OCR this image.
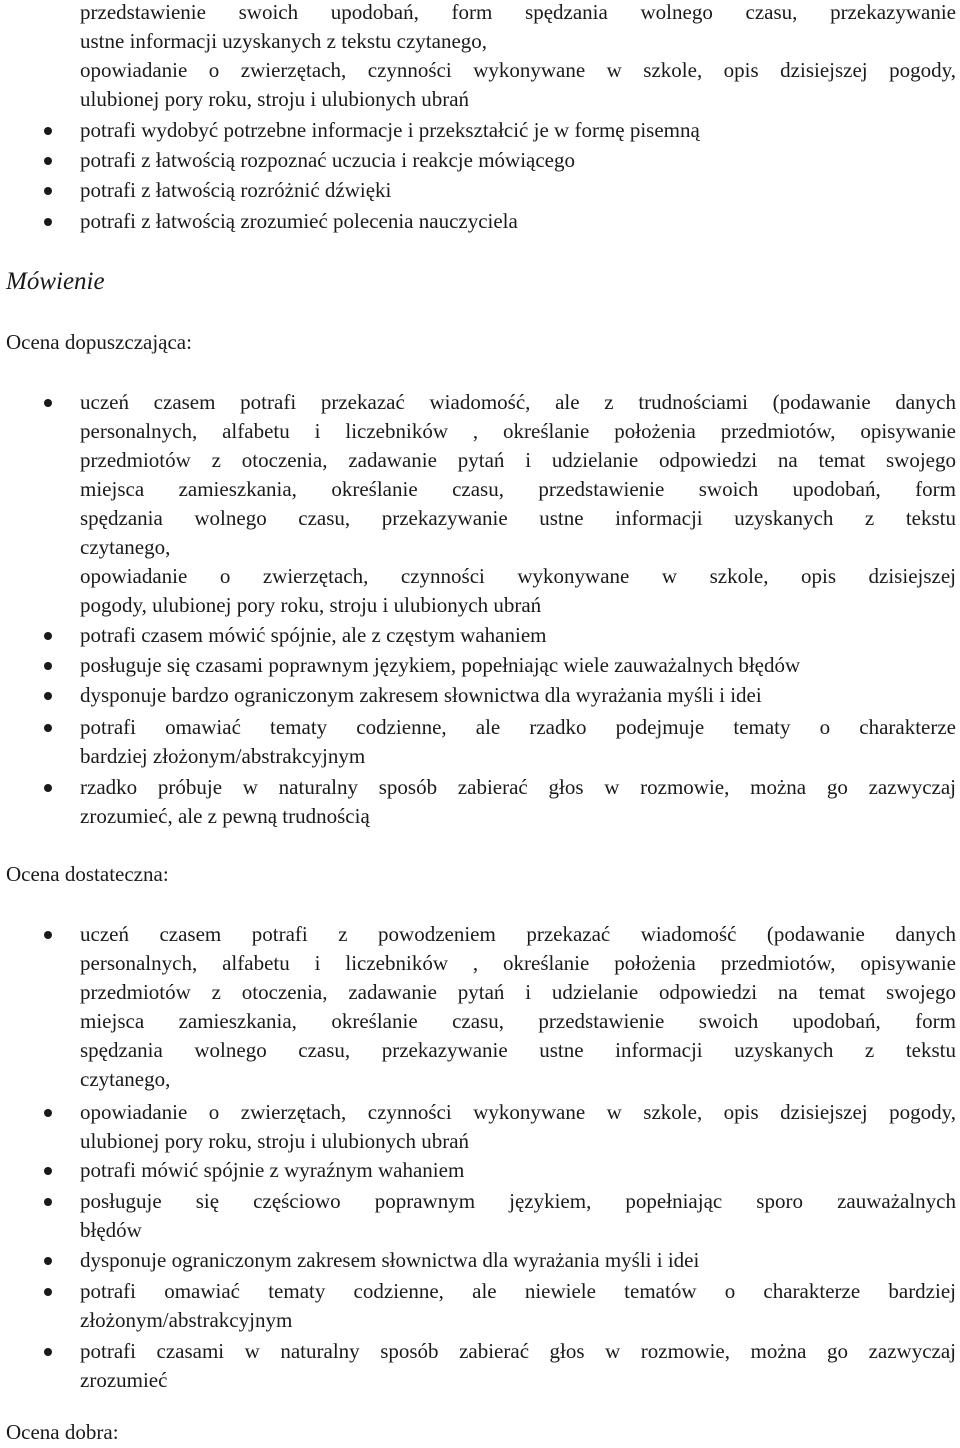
przedstawienie swoich upodobań, form spędzania wolnego czasu, przekazywanie
ustne informacji uzyskanych z tekstu czytanego,
opowiadanie o zwierzętach, czynności wykonywane w szkole, opis dzisiejszej pogody,
ulubionej pory roku, stroju i ulubionych ubrań
potrafi wydobyć potrzebne informacje i przekształcić je w formę pisemną
potrafi z łatwością rozpoznać uczucia i reakcje mówiącego
potrafi z łatwością rozróżnić dźwięki
potrafi z łatwością zrozumieć polecenia nauczyciela
Mówienie
Ocena dopuszczająca:
uczeń czasem potrafi przekazać wiadomość, ale z trudnościami (podawanie danych
personalnych, alfabetu i liczebników , określanie położenia przedmiotów, opisywanie
przedmiotów z otoczenia, zadawanie pytań i udzielanie odpowiedzi na temat swojego
miejsca zamieszkania, określanie czasu, przedstawienie swoich upodobań, form
spędzania wolnego czasu, przekazywanie ustne informacji uzyskanych z tekstu
czytanego,
opowiadanie o zwierzętach, czynności wykonywane w szkole, opis dzisiejszej
pogody, ulubionej pory roku, stroju i ulubionych ubrań
potrafi czasem mówić spójnie, ale z częstym wahaniem
posługuje się czasami poprawnym językiem, popełniając wiele zauważalnych błędów
dysponuje bardzo ograniczonym zakresem słownictwa dla wyrażania myśli i idei
potrafi omawiać tematy codzienne, ale rzadko podejmuje tematy o charakterze
bardziej złożonym/abstrakcyjnym
rzadko próbuje w naturalny sposób zabierać głos w rozmowie, można go zazwyczaj
zrozumieć, ale z pewną trudnością
Ocena dostateczna:
uczeń czasem potrafi z powodzeniem przekazać wiadomość (podawanie danych
personalnych, alfabetu i liczebników , określanie położenia przedmiotów, opisywanie
przedmiotów z otoczenia, zadawanie pytań i udzielanie odpowiedzi na temat swojego
miejsca zamieszkania, określanie czasu, przedstawienie swoich upodobań, form
spędzania wolnego czasu, przekazywanie ustne informacji uzyskanych z tekstu
czytanego,
opowiadanie o zwierzętach, czynności wykonywane w szkole, opis dzisiejszej pogody,
ulubionej pory roku, stroju i ulubionych ubrań
potrafi mówić spójnie z wyraźnym wahaniem
posługuje się częściowo poprawnym językiem, popełniając sporo zauważalnych
błędów
dysponuje ograniczonym zakresem słownictwa dla wyrażania myśli i idei
potrafi omawiać tematy codzienne, ale niewiele tematów o charakterze bardziej
złożonym/abstrakcyjnym
potrafi czasami w naturalny sposób zabierać głos w rozmowie, można go zazwyczaj
zrozumieć
Ocena dobra:
